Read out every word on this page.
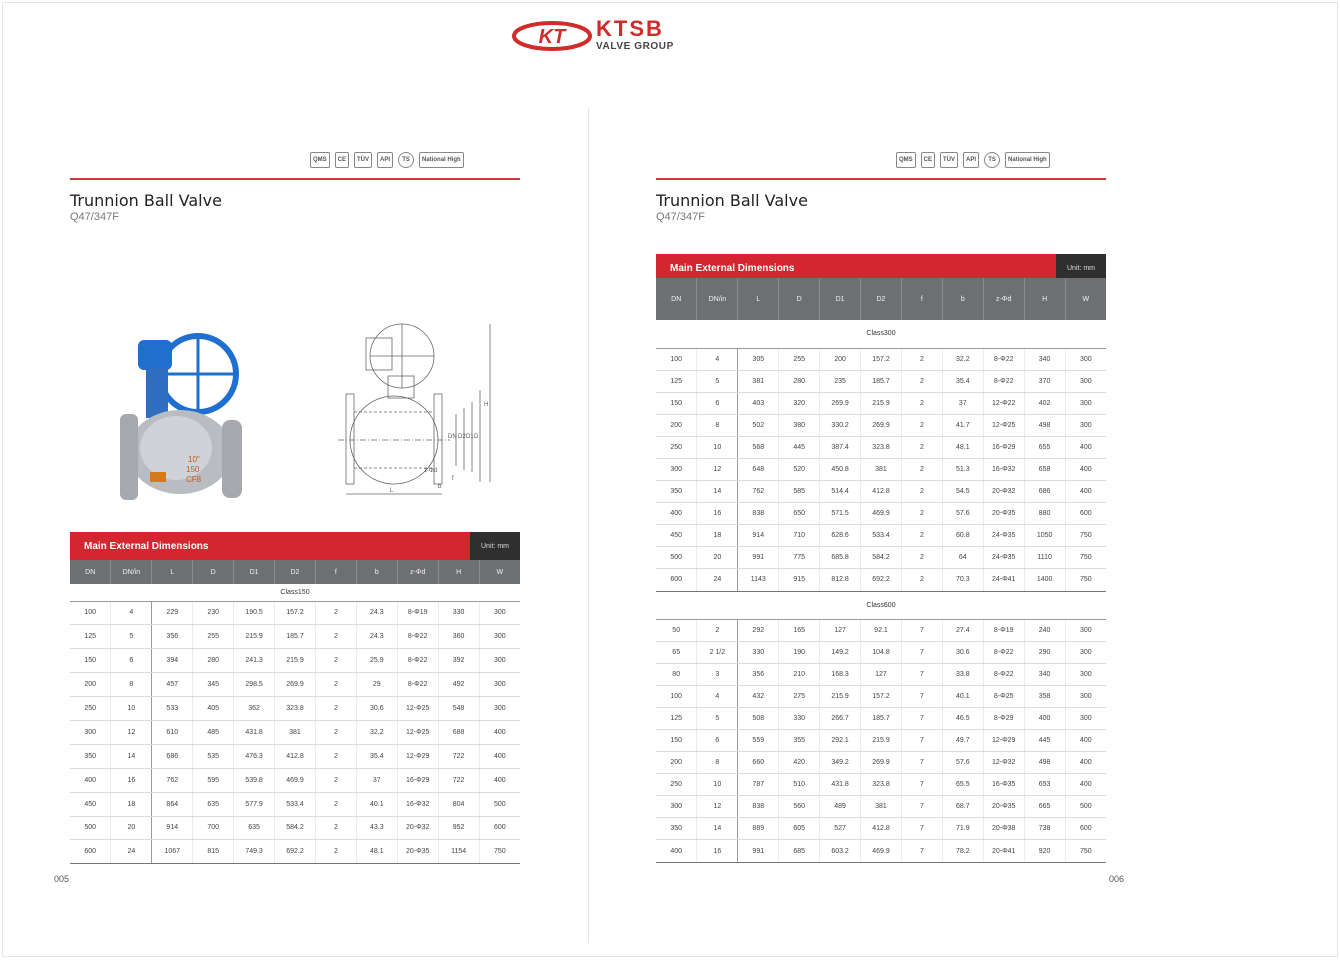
KT KTSB
VALVE GROUP
QMS	CE	TÜV	API	TS	National High
Trunnion Ball Valve
Q47/347F
10"
150
CF8
H
D
D1
D2
DN
L
b
f
z-Φd
Main External Dimensions	Unit: mm
DN	DN/in	L	D	D1	D2	f	b	z-Φd	H	W
Class150										
100	4	229	230	190.5	157.2	2	24.3	8-Φ19	330	300
125	5	356	255	215.9	185.7	2	24.3	8-Φ22	360	300
150	6	394	280	241.3	215.9	2	25.9	8-Φ22	392	300
200	8	457	345	298.5	269.9	2	29	8-Φ22	492	300
250	10	533	405	362	323.8	2	30.6	12-Φ25	548	300
300	12	610	485	431.8	381	2	32.2	12-Φ25	688	400
350	14	686	535	476.3	412.8	2	35.4	12-Φ29	722	400
400	16	762	595	539.8	469.9	2	37	16-Φ29	722	400
450	18	864	635	577.9	533.4	2	40.1	16-Φ32	804	500
500	20	914	700	635	584.2	2	43.3	20-Φ32	952	600
600	24	1067	815	749.3	692.2	2	48.1	20-Φ35	1154	750
005
QMS	CE	TÜV	API	TS	National High
Trunnion Ball Valve
Q47/347F
Main External Dimensions	Unit: mm
DN	DN/in	L	D	D1	D2	f	b	z-Φd	H	W
Class300										
100	4	305	255	200	157.2	2	32.2	8-Φ22	340	300
125	5	381	280	235	185.7	2	35.4	8-Φ22	370	300
150	6	403	320	269.9	215.9	2	37	12-Φ22	402	300
200	8	502	380	330.2	269.9	2	41.7	12-Φ25	498	300
250	10	568	445	387.4	323.8	2	48.1	16-Φ29	655	400
300	12	648	520	450.8	381	2	51.3	16-Φ32	658	400
350	14	762	585	514.4	412.8	2	54.5	20-Φ32	686	400
400	16	838	650	571.5	469.9	2	57.6	20-Φ35	880	600
450	18	914	710	628.6	533.4	2	60.8	24-Φ35	1050	750
500	20	991	775	685.8	584.2	2	64	24-Φ35	1110	750
600	24	1143	915	812.8	692.2	2	70.3	24-Φ41	1400	750
Class600										
50	2	292	165	127	92.1	7	27.4	8-Φ19	240	300
65	2 1/2	330	190	149.2	104.8	7	30.6	8-Φ22	290	300
80	3	356	210	168.3	127	7	33.8	8-Φ22	340	300
100	4	432	275	215.9	157.2	7	40.1	8-Φ25	358	300
125	5	508	330	266.7	185.7	7	46.5	8-Φ29	400	300
150	6	559	355	292.1	215.9	7	49.7	12-Φ29	445	400
200	8	660	420	349.2	269.9	7	57.6	12-Φ32	498	400
250	10	787	510	431.8	323.8	7	65.5	16-Φ35	653	400
300	12	838	560	489	381	7	68.7	20-Φ35	665	500
350	14	889	605	527	412.8	7	71.9	20-Φ38	738	600
400	16	991	685	603.2	469.9	7	78.2	20-Φ41	920	750
006
